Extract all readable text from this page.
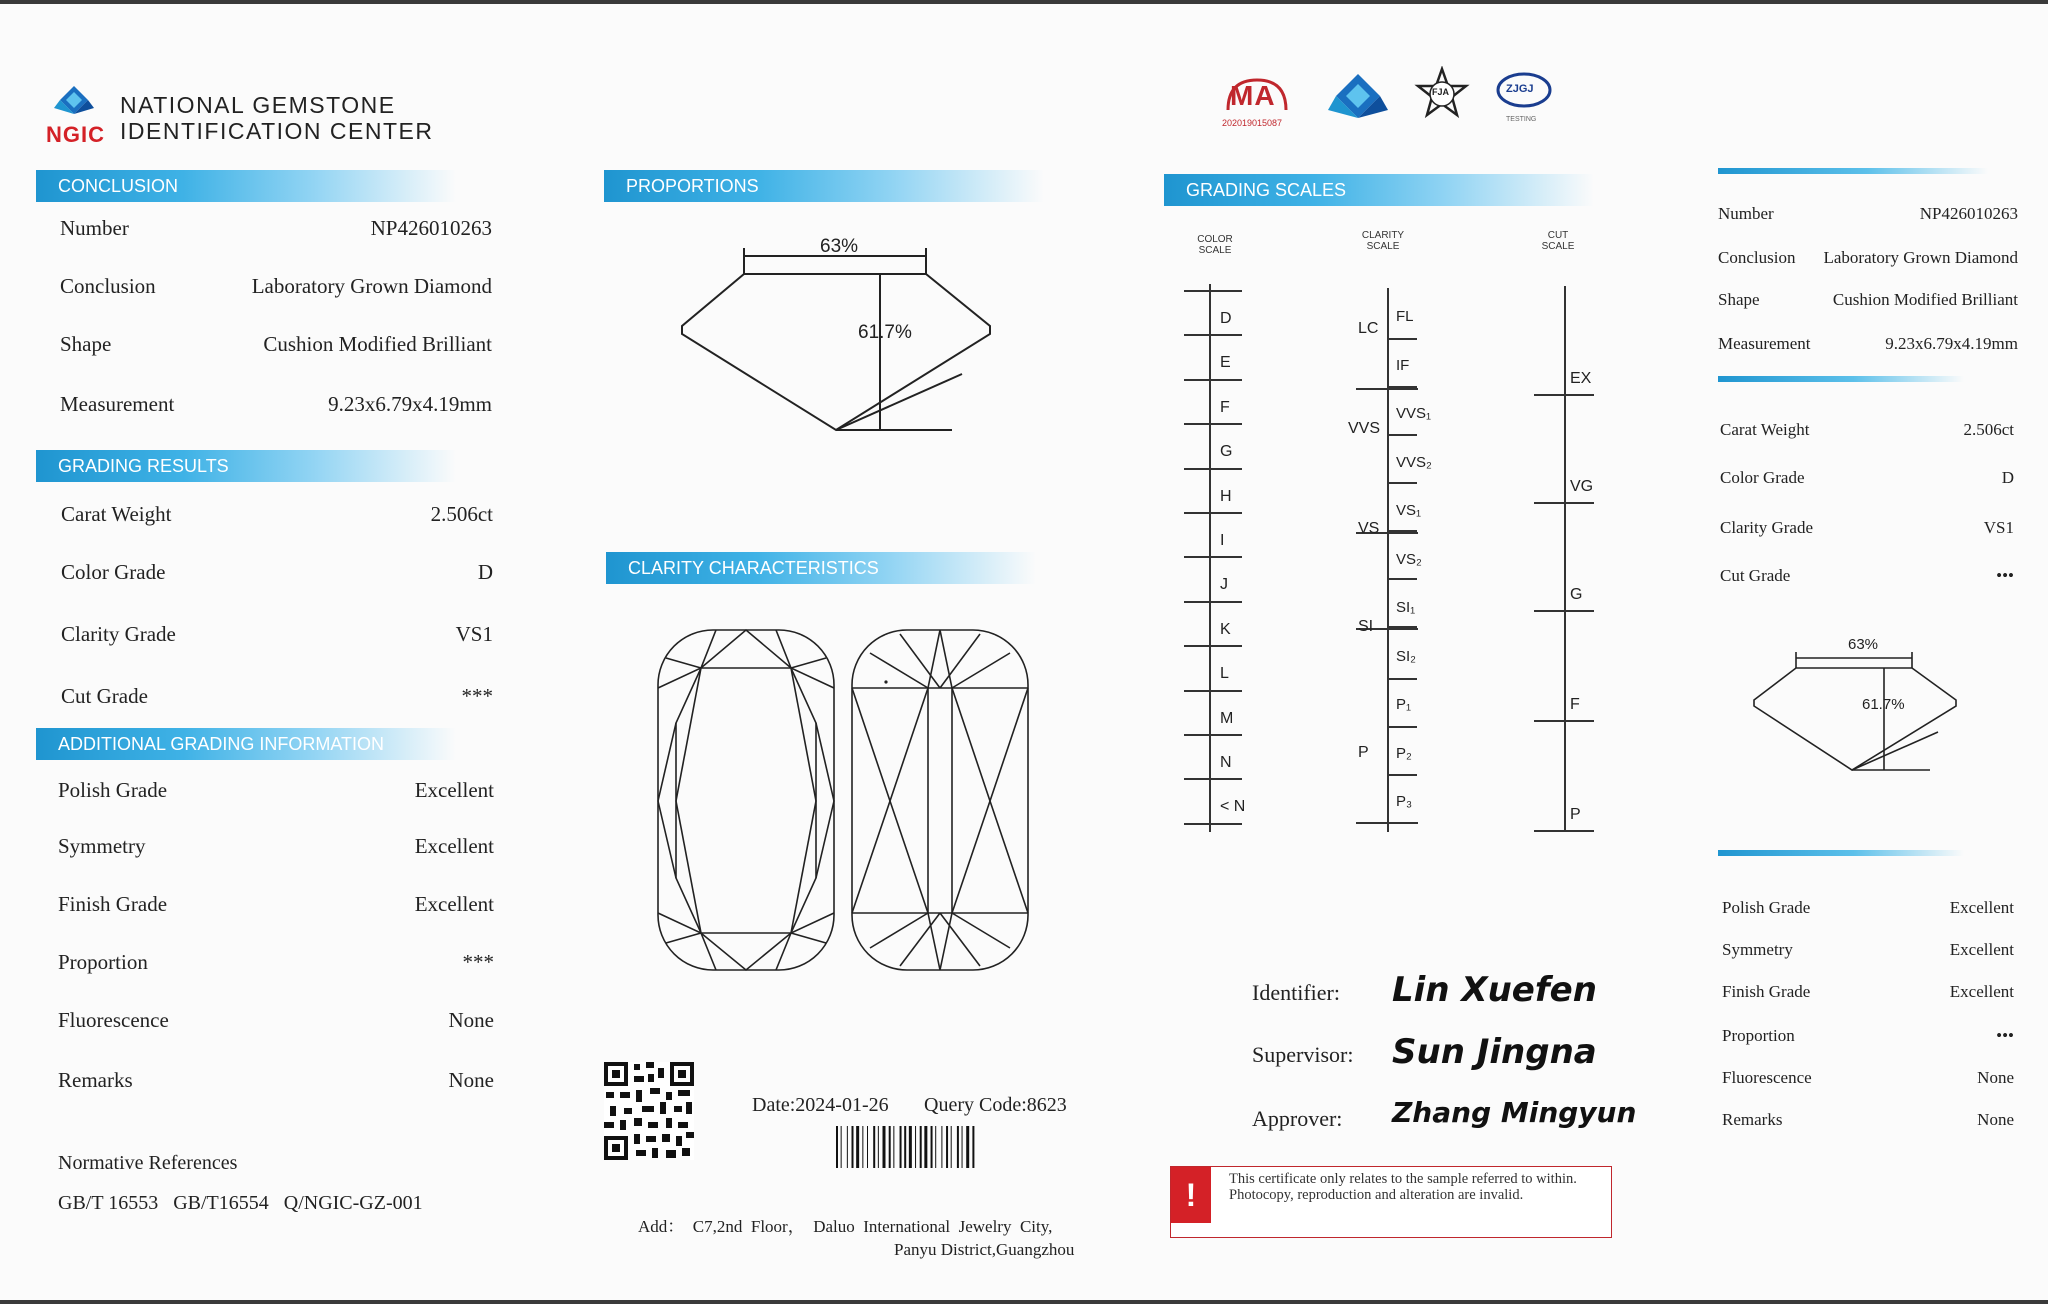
NGIC
NATIONAL GEMSTONE
IDENTIFICATION CENTER
CONCLUSION
Number	NP426010263
Conclusion	Laboratory Grown Diamond
Shape	Cushion Modified Brilliant
Measurement	9.23x6.79x4.19mm
GRADING RESULTS
Carat Weight	2.506ct
Color Grade	D
Clarity Grade	VS1
Cut Grade	***
ADDITIONAL GRADING INFORMATION
Polish Grade	Excellent
Symmetry	Excellent
Finish Grade	Excellent
Proportion	***
Fluorescence	None
Remarks	None
Normative References
GB/T 16553   GB/T16554   Q/NGIC-GZ-001
PROPORTIONS
63%
61.7%
CLARITY CHARACTERISTICS
Date:2024-01-26 Query Code:8623
Add：  C7,2nd  Floor，  Daluo  International  Jewelry  City,
Panyu District,Guangzhou
MA
202019015087
FJA	ZJGJ
TESTING
GRADING SCALES
COLOR SCALE
CLARITY SCALE
CUT SCALE
D
E
F
G
H
I
J
K
L
M
N
< N
FL
IF
VVS₁
VVS₂
VS₁
VS₂
SI₁
SI₂
P₁
P₂
P₃
LC
VVS
VS
SI
P
EX
VG
G
F
P
Identifier: Lin Xuefen
Supervisor: Sun Jingna
Approver: Zhang Mingyun
!	This certificate only relates to the sample referred to within. Photocopy, reproduction and alteration are invalid.
Number	NP426010263
Conclusion Laboratory Grown Diamond
Shape	Cushion Modified Brilliant
Measurement	9.23x6.79x4.19mm
Carat Weight	2.506ct
Color Grade	D
Clarity Grade	VS1
Cut Grade	•••
63%
61.7%
Polish Grade	Excellent
Symmetry	Excellent
Finish Grade	Excellent
Proportion	•••
Fluorescence	None
Remarks	None
